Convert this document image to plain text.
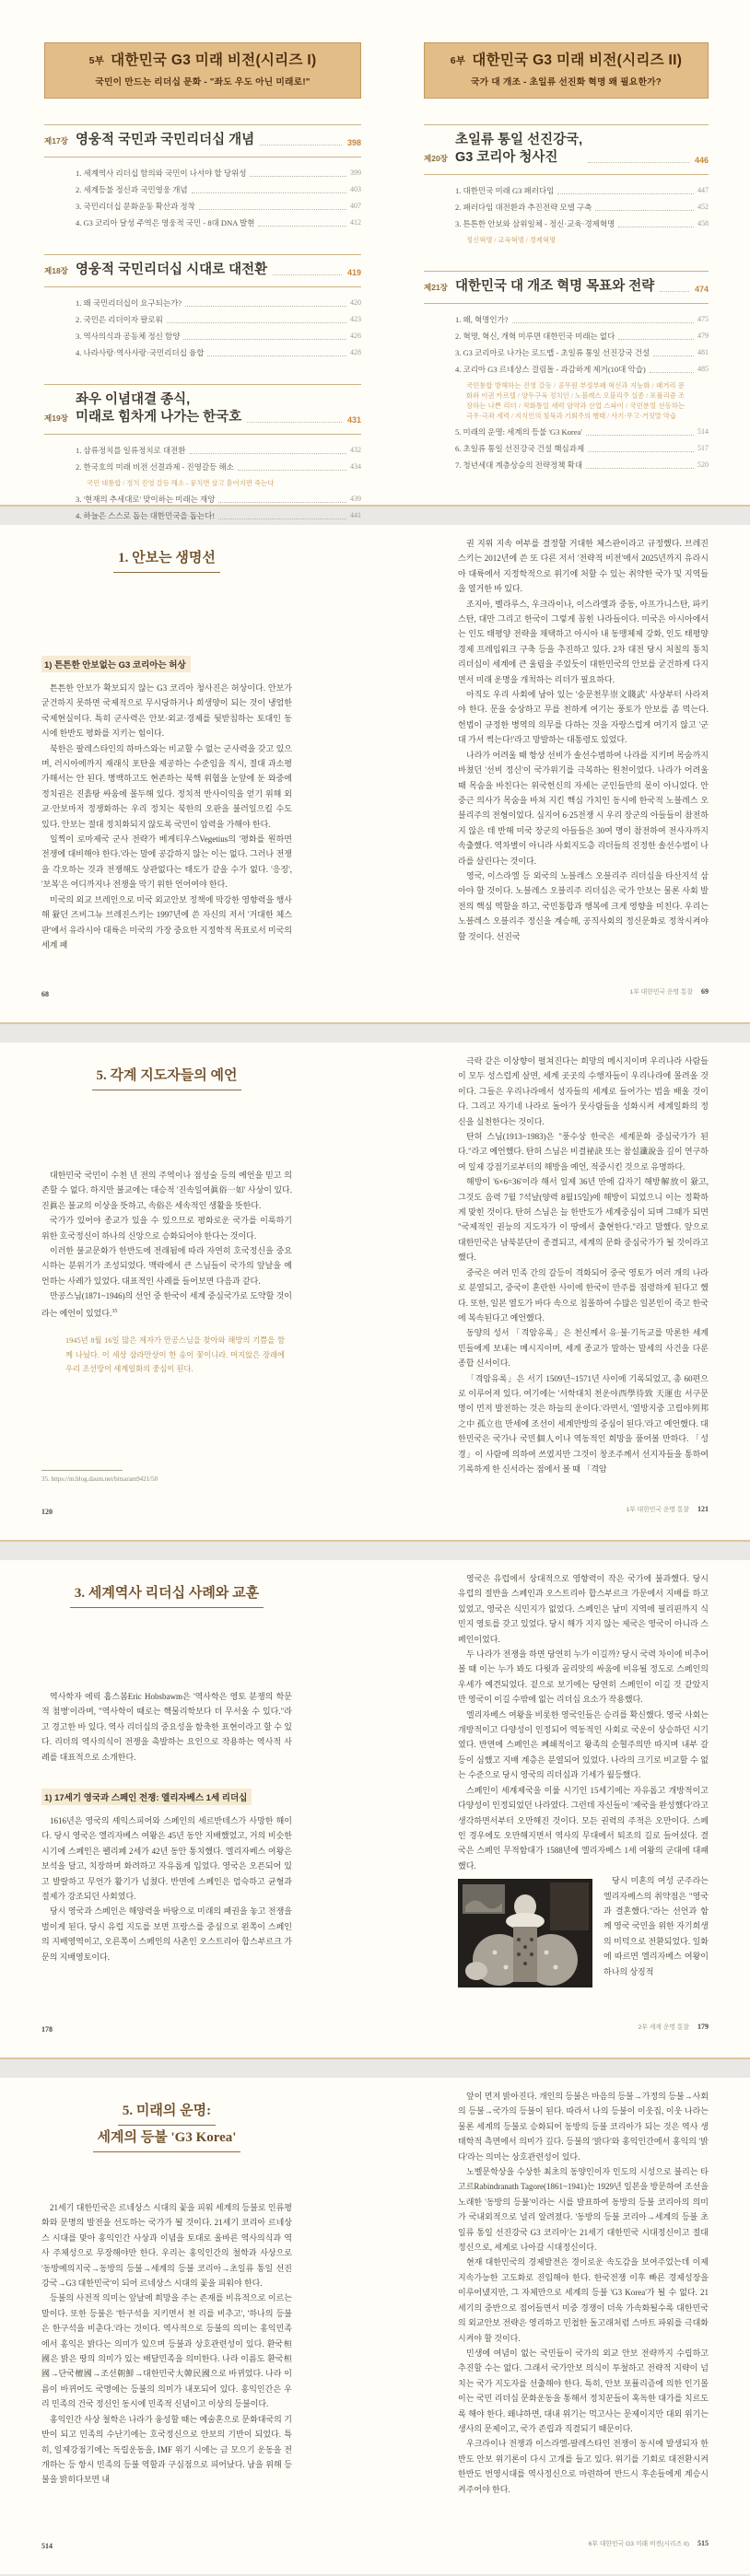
5부 대한민국 G3 미래 비전(시리즈 I)
국민이 만드는 리더십 문화 - "좌도 우도 아닌 미래로!"
제17장 영웅적 국민과 국민리더십 개념	398
1. 세계역사 리더십 함의와 국민이 나서야 할 당위성	399
2. 세계등불 정신과 국민영웅 개념	403
3. 국민리더십 문화운동 확산과 정착	407
4. G3 코리아 달성 주역은 영웅적 국민 - 8대 DNA 발현	412
제18장 영웅적 국민리더십 시대로 대전환	419
1. 왜 국민리더십이 요구되는가?	420
2. 국민은 리더이자 팔로워	423
3. 역사의식과 공동체 정신 함양	426
4. 나라사랑·역사사랑·국민리더십 융합	428
제19장
좌우 이념대결 종식,
미래로 힘차게 나가는 한국호	431
1. 삼류정치를 일류정치로 대전환	432
2. 한국호의 미래 비전 선결과제 - 진영갈등 해소	434
국민 대통합 / 정치 진영 갈등 해소 - 뭉치면 살고 흩어지면 죽는다
3. '현재의 추세대로' 맞이하는 미래는 재앙	439
4. 하늘은 스스로 돕는 대한민국을 돕는다!	441
6부 대한민국 G3 미래 비전(시리즈 II)
국가 대 개조 - 초일류 선진화 혁명 왜 필요한가?
제20장
초일류 통일 선진강국,
G3 코리아 청사진	446
1. 대한민국 미래 G3 패러다임	447
2. 패러다임 대전환과 추진전략 모델 구축	452
3. 튼튼한 안보와 삼위일체 - 정신·교육·경제혁명	458
정신혁명 / 교육혁명 / 경제혁명
제21장 대한민국 대 개조 혁명 목표와 전략	474
1. 왜, 혁명인가?	475
2. 혁명, 혁신, 개혁 미루면 대한민국 미래는 없다	479
3. G3 코리아로 나가는 로드맵 - 초일류 통일 선진강국 건설	481
4. 코리아 G3 르네상스 걸림돌 - 과감하게 제거(10대 악습)	485
국민통합 방해하는 진영 갈등 / 공무원 부정부패 혁신과 지능화 / 패거리 문화와 이권 카르텔 / 양두구육 정치인 / 노블레스 오블리주 실종 / 포퓰리즘 조장하는 나쁜 리더 / 적화통일 세력 암약과 산업 스파이 / 국민분열 선동하는 극우·극좌 세력 / 지식인의 침묵과 기회주의 행태 / 사기·무고·거짓말 악습
5. 미래의 운명: 세계의 등불 'G3 Korea'	514
6. 초일류 통일 선진강국 건설 핵심과제	517
7. 청년세대 계층상승의 전략정책 확대	520
1. 안보는 생명선
1) 튼튼한 안보없는 G3 코리아는 허상

튼튼한 안보가 확보되지 않는 G3 코리아 청사진은 허상이다. 안보가 굳건하지 못하면 국제적으로 무시당하거나 희생양이 되는 것이 냉엄한 국제현실이다. 특히 군사력은 안보·외교·경제를 뒷받침하는 토대인 동시에 한반도 평화를 지키는 힘이다.

북한은 팔레스타인의 하마스와는 비교할 수 없는 군사력을 갖고 있으며, 러시아에까지 재래식 포탄을 제공하는 수준임을 직시, 절대 과소평가해서는 안 된다. 명백하고도 현존하는 북핵 위협을 눈앞에 둔 와중에 정치권은 진흙탕 싸움에 몰두해 있다. 정치적 반사이익을 얻기 위해 외교·안보마저 정쟁화하는 우리 정치는 북한의 오판을 불러일으킬 수도 있다. 안보는 절대 정치화되지 않도록 국민이 압력을 가해야 한다.

일찍이 로마제국 군사 전략가 베게티우스Vegetius의 '평화를 원하면 전쟁에 대비해야 한다.'라는 말에 공감하지 않는 이는 없다. 그러나 전쟁을 각오하는 것과 전쟁해도 상관없다는 태도가 같을 수가 없다. '응징', '보복'은 어디까지나 전쟁을 막기 위한 언어여야 한다.

미국의 외교 브레인으로 미국 외교안보 정책에 막강한 영향력을 행사해 왔던 즈비그뉴 브레진스키는 1997년에 쓴 자신의 저서 '거대한 체스판'에서 유라시아 대륙은 미국의 가장 중요한 지정학적 목표로서 미국의 세계 패

68

권 지위 지속 여부를 결정할 거대한 체스판이라고 규정했다. 브레진스키는 2012년에 쓴 또 다른 저서 '전략적 비전'에서 2025년까지 유라시아 대륙에서 지정학적으로 위기에 처할 수 있는 취약한 국가 및 지역들을 열거한 바 있다.

조지아, 벨라루스, 우크라이나, 이스라엘과 중동, 아프가니스탄, 파키스탄, 대만 그리고 한국이 그렇게 꼽힌 나라들이다. 미국은 아시아에서는 인도 태평양 전략을 채택하고 아시아 내 동맹체제 강화, 인도 태평양 경제 프레임워크 구축 등을 추진하고 있다. 2차 대전 당시 처칠의 통치 리더십이 세계에 큰 울림을 주었듯이 대한민국의 안보를 굳건하게 다지면서 미래 운명을 개척하는 리더가 필요하다.

아직도 우리 사회에 남아 있는 '숭문천무崇文賤武' 사상부터 사라져야 한다. 문을 숭상하고 무를 천하게 여기는 풍토가 안보를 좀 먹는다. 헌법이 규정한 병역의 의무를 다하는 것을 자랑스럽게 여기지 않고 '군대 가서 썩는다!'라고 망발하는 대통령도 있었다.

나라가 어려울 때 항상 선비가 솔선수범하여 나라를 지키며 목숨까지 바쳤던 '선비 정신'이 국가위기를 극복하는 원천이었다. 나라가 어려울 때 목숨을 바친다는 위국헌신의 자세는 군인들만의 몫이 아니었다. 안중근 의사가 목숨을 바쳐 지킨 핵심 가치인 동시에 한국적 노블레스 오블리주의 전형이었다. 심지어 6·25전쟁 시 우리 장군의 아들들이 참전하지 않은 데 반해 미국 장군의 아들들은 30여 명이 참전하여 전사자까지 속출했다. 역차별이 아니라 사회지도층 리더들의 진정한 솔선수범이 나라를 살린다는 것이다.

영국, 이스라엘 등 외국의 노블레스 오블리주 리더십을 타산지석 삼아야 할 것이다. 노블레스 오블리주 리더십은 국가 안보는 물론 사회 발전의 핵심 역할을 하고, 국민통합과 행복에 크게 영향을 미친다. 우리는 노블레스 오블리주 정신을 계승해, 공직사회의 정신문화로 정착시켜야 할 것이다. 선진국

1부 대한민국 운명 통찰 69
5. 각계 지도자들의 예언

대한민국 국민이 수천 년 전의 주역이나 점성술 등의 예언을 믿고 의존할 수 없다. 하지만 불교에는 대승적 '진속일여眞俗一如' 사상이 있다. 진眞은 불교의 이상을 뜻하고, 속俗은 세속적인 생활을 뜻한다.

국가가 있어야 종교가 있을 수 있으므로 평화로운 국가를 이룩하기 위한 호국정신이 하나의 신앙으로 승화되어야 한다는 것이다.

이러한 불교문화가 한반도에 전래됨에 따라 자연히 호국정신을 중요시하는 분위기가 조성되었다. 맥락에서 큰 스님들이 국가의 앞날을 예언하는 사례가 있었다. 대표적인 사례를 들어보면 다음과 같다.

만공스님(1871~1946)의 선언 중 한국이 세계 중심국가로 도약할 것이라는 예언이 있었다.$^{35}$

1945년 8월 16일 많은 제자가 만공스님을 찾아와 해방의 기쁨을 함께 나눴다. 이 세상 삼라만상이 한 송이 꽃이니라. 머지않은 장래에 우리 조선땅이 세계일화의 중심이 된다.
35. https://m.blog.daum.net/bitsaram9421/50
120

극락 같은 이상향이 펼쳐진다는 희망의 메시지이며 우리나라 사람들이 모두 성스럽게 살면, 세계 곳곳의 수행자들이 우리나라에 몰려올 것이다. 그들은 우리나라에서 성자들의 세계로 들어가는 법을 배울 것이다. 그리고 자기네 나라로 돌아가 뭇사람들을 성화시켜 세계일화의 정신을 실천한다는 것이다.

탄허 스님(1913~1983)은 "풍수상 한국은 세계문화 중심국가가 된다."라고 예언했다. 탄허 스님은 비결祕訣 또는 참설讖說을 깊이 연구하여 일제 강점기로부터의 해방을 예언, 적중시킨 것으로 유명하다.

해방이 '6×6=36'이라 해서 일제 36년 만에 갑자기 해방解放이 왔고, 그것도 음력 7월 7석날(양력 8월15일)에 해방이 되었으니 이는 정확하게 맞힌 것이다. 탄허 스님은 늘 한반도가 세계중심이 되며 그때가 되면 "국제적인 권능의 지도자가 이 땅에서 출현한다."라고 말했다. 앞으로 대한민국은 남북분단이 종결되고, 세계의 문화 중심국가가 될 것이라고 했다.

중국은 여러 민족 간의 갈등이 격화되어 중국 영토가 여러 개의 나라로 분열되고, 중국이 혼란한 사이에 한국이 만주를 점령하게 된다고 했다. 또한, 일본 열도가 바다 속으로 침몰하여 수많은 일본인이 죽고 한국에 복속된다고 예언했다.

동양의 성서 「격암유록」은 천신께서 유·불·기독교를 막론한 세계민들에게 보내는 메시지이며, 세계 종교가 말하는 말세의 사건을 다룬 종합 신서이다.

「격암유록」은 서기 1509년~1571년 사이에 기록되었고, 총 60편으로 이루어져 있다. 여기에는 '서학대치 천운야西學待致 天運也 서구문명이 먼저 발전하는 것은 하늘의 운이다.'라면서, '열방지중 고립야列邦之中 孤立也 만세에 조선이 세계만방의 중심이 된다.'라고 예언했다. 대한민국은 국가나 국민個人이나 역동적인 희망을 품어볼 만하다. 「성경」이 사람에 의하여 쓰였지만 그것이 창조주께서 선지자들을 통하여 기록하게 한 신서라는 점에서 볼 때 「격암

1부 대한민국 운명 통찰 121
3. 세계역사 리더십 사례와 교훈

역사학자 에릭 홉스봄Eric Hobsbawm은 '역사학은 영토 분쟁의 학문적 첨병'이라며, "역사학이 때로는 핵물리학보다 더 무서울 수 있다."라고 경고한 바 있다. 역사 리더십의 중요성을 함축한 표현이라고 할 수 있다. 리더의 역사의식이 전쟁을 촉발하는 요인으로 작용하는 역사적 사례를 대표적으로 소개한다.

1) 17세기 영국과 스페인 전쟁: 엘리자베스 1세 리더십

1616년은 영국의 셰익스피어와 스페인의 세르반테스가 사망한 해이다. 당시 영국은 엘리자베스 여왕은 45년 동안 지배했었고, 거의 비슷한 시기에 스페인은 펠리페 2세가 42년 동안 통치했다. 엘리자베스 여왕은 보석을 달고, 치장하며 화려하고 자유롭게 입었다. 영국은 오픈되어 있고 발랄하고 무언가 활기가 넘쳤다. 반면에 스페인은 엄숙하고 균형과 절제가 강조되던 사회였다.

당시 영국과 스페인은 해양력을 바탕으로 미래의 패권을 놓고 전쟁을 벌이게 된다. 당시 유럽 지도를 보면 프랑스를 중심으로 왼쪽이 스페인의 지배영역이고, 오른쪽이 스페인의 사촌인 오스트리아 합스부르크 가문의 지배영토이다.

178

영국은 유럽에서 상대적으로 영향력이 작은 국가에 불과했다. 당시 유럽의 절반을 스페인과 오스트리아 합스부르크 가문에서 지배를 하고 있었고, 영국은 식민지가 없었다. 스페인은 남미 지역에 필리핀까지 식민지 영토를 갖고 있었다. 당시 해가 지지 않는 제국은 영국이 아니라 스페인이었다.

두 나라가 전쟁을 하면 당연히 누가 이길까? 당시 국력 차이에 비추어 볼 때 이는 누가 봐도 다윗과 골리앗의 싸움에 비유될 정도로 스페인의 우세가 예견되었다. 겉으로 보기에는 당연히 스페인이 이길 것 같았지만 영국이 이길 수밖에 없는 리더십 요소가 작용했다.

엘리자베스 여왕을 비롯한 영국인들은 승리를 확신했다. 영국 사회는 개방적이고 다양성이 인정되어 역동적인 사회로 국운이 상승하던 시기였다. 반면에 스페인은 폐쇄적이고 왕족의 순혈주의만 따지며 내부 갈등이 심했고 지배 계층은 분열되어 있었다. 나라의 크기로 비교할 수 없는 수준으로 당시 영국의 리더십과 기세가 월등했다.

스페인이 세계제국을 이룰 시기인 15세기에는 자유롭고 개방적이고 다양성이 인정되었던 나라였다. 그런데 자신들이 '제국을 완성했다'라고 생각하면서부터 오만해진 것이다. 모든 권력의 주적은 오만이다. 스페인 경우에도 오만해지면서 역사의 무대에서 퇴조의 길로 들어섰다. 결국은 스페인 무적함대가 1588년에 엘리자베스 1세 여왕의 군대에 대패했다.

당시 미혼의 여성 군주라는 엘리자베스의 취약점은 "영국과 결혼했다."라는 선언과 함께 영국 국민을 위한 자기희생의 미덕으로 전환되었다. 일화에 따르면 엘리자베스 여왕이 하나의 상징적

2부 세계 운명 통찰 179
5. 미래의 운명:
세계의 등불 'G3 Korea'

21세기 대한민국은 르네상스 시대의 꽃을 피워 세계의 등불로 인류평화와 문명의 발전을 선도하는 국가가 될 것이다. 21세기 코리아 르네상스 시대를 맞아 홍익인간 사상과 이념을 토대로 올바른 역사의식과 역사 주체성으로 무장해야만 한다. 우리는 홍익인간의 철학과 사상으로 '동방예의지국→동방의 등불→세계의 등불 코리아→초일류 통일 선진강국→G3 대한민국'이 되어 르네상스 시대의 꽃을 피워야 한다.

등불의 사전적 의미는 앞날에 희망을 주는 존재를 비유적으로 이르는 말이다. 또한 등불은 '한구석을 지키면서 천 리를 비추고', '하나의 등불은 한구석을 비춘다.'라는 것이다. 역사적으로 등불의 의미는 홍익민족에서 홍익은 밝다는 의미가 있으며 등불과 상호관련성이 있다. 환국桓國은 밝은 땅의 의미가 있는 배달민족을 의미한다. 나라 이름도 환국桓國→단국檀國→조선朝鮮→대한민국大韓民國으로 바뀌었다. 나라 이름이 바뀌어도 국명에는 등불의 의미가 내포되어 있다. 홍익인간은 우리 민족의 건국 정신인 동시에 민족적 신념이고 이상의 등불이다.

홍익인간 사상 철학은 나라가 융성할 때는 예술혼으로 문화대국의 기반이 되고 민족의 수난기에는 호국정신으로 안보의 기반이 되었다. 특히, 일제강점기에는 독립운동을, IMF 위기 시에는 금 모으기 운동을 전개하는 등 항시 민족의 등불 역할과 구심점으로 피어났다. 남을 위해 등불을 밝히다보면 내

514

앞이 먼저 밝아진다. 개인의 등불은 마음의 등불→가정의 등불→사회의 등불→국가의 등불이 된다. 따라서 나의 등불이 이웃집, 이웃 나라는 물론 세계의 등불로 승화되어 동방의 등불 코리아가 되는 것은 역사 생태학적 측면에서 의미가 깊다. 등불의 '밝다'와 홍익인간에서 홍익의 '밝다'라는 의미는 상호관련성이 있다.

노벨문학상을 수상한 최초의 동양인이자 인도의 시성으로 불리는 타고르Rabindranath Tagore(1861~1941)는 1929년 일본을 방문하여 조선을 노래한 '동방의 등불'이라는 시를 발표하여 동방의 등불 코리아의 의미가 국내외적으로 널리 알려졌다. '동방의 등불 코리아→세계의 등불 초일류 통일 선진강국 G3 코리아'는 21세기 대한민국 시대정신이고 절대정신으로, 세계로 나아갈 시대정신이다.

현재 대한민국의 경제발전은 경이로운 속도감을 보여주었는데 이제 지속가능한 고도화로 진입해야 한다. 한국전쟁 이후 빠른 경제성장을 이루어냈지만, 그 자체만으로 세계의 등불 'G3 Korea'가 될 수 없다. 21세기의 중반으로 접어들면서 미중 경쟁이 더욱 가속화될수록 대한민국의 외교안보 전략은 영리하고 민첩한 돌고래처럼 스마트 파워를 극대화시켜야 할 것이다.

민생에 여념이 없는 국민들이 국가의 외교 안보 전략까지 수립하고 추진할 수는 없다. 그래서 국가안보 의식이 투철하고 전략적 지략이 넘치는 국가 지도자를 선출해야 한다. 특히, 안보 포퓰리즘에 의한 인기몰이는 국민 리더십 문화운동을 통해서 정치꾼들이 혹독한 대가를 치르도록 해야 한다. 왜냐하면, 대내 위기는 먹고사는 문제이지만 대외 위기는 생사의 문제이고, 국가 존립과 직결되기 때문이다.

우크라이나 전쟁과 이스라엘-팔레스타인 전쟁이 동시에 발생되자 한반도 안보 위기론이 다시 고개를 들고 있다. 위기를 기회로 대전환시켜 한반도 번영시대를 역사정신으로 마련하여 반드시 후손들에게 계승시켜주어야 한다.

6부 대한민국 G3 미래 비전(시리즈 II) 515
